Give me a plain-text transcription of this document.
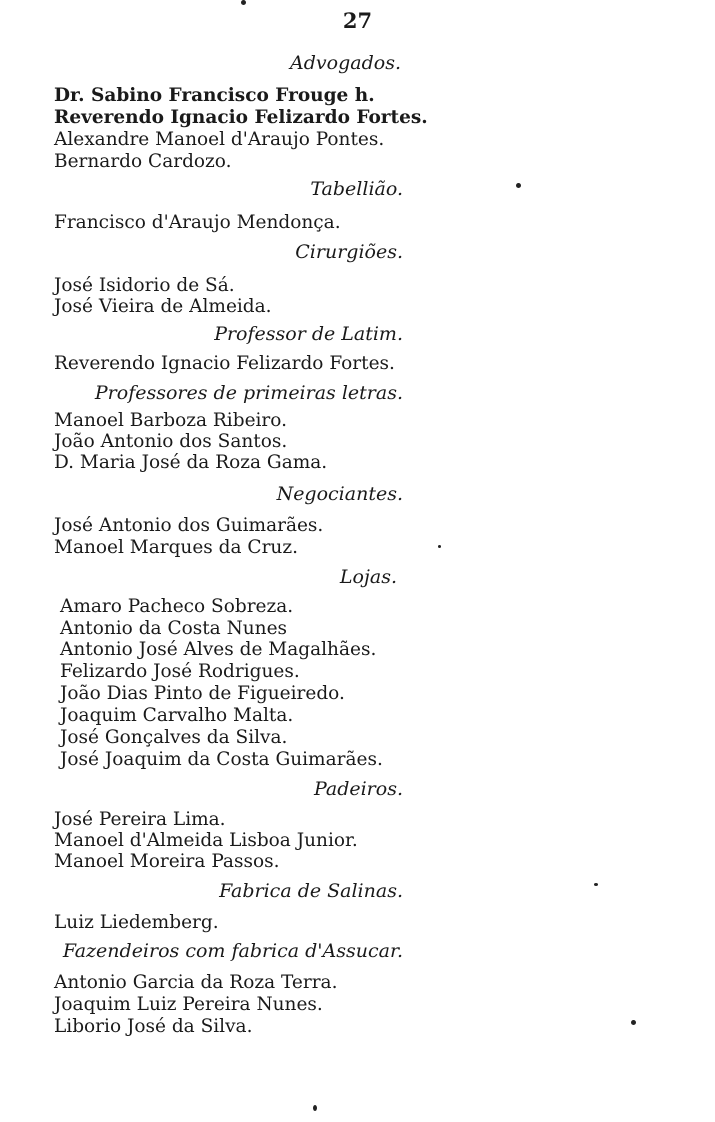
27
Advogados.
Dr. Sabino Francisco Frouge h.
Reverendo Ignacio Felizardo Fortes.
Alexandre Manoel d'Araujo Pontes.
Bernardo Cardozo.
Tabellião.
Francisco d'Araujo Mendonça.
Cirurgiões.
José Isidorio de Sá.
José Vieira de Almeida.
Professor de Latim.
Reverendo Ignacio Felizardo Fortes.
Professores de primeiras letras.
Manoel Barboza Ribeiro.
João Antonio dos Santos.
D. Maria José da Roza Gama.
Negociantes.
José Antonio dos Guimarães.
Manoel Marques da Cruz.
Lojas.
Amaro Pacheco Sobreza.
Antonio da Costa Nunes
Antonio José Alves de Magalhães.
Felizardo José Rodrigues.
João Dias Pinto de Figueiredo.
Joaquim Carvalho Malta.
José Gonçalves da Silva.
José Joaquim da Costa Guimarães.
Padeiros.
José Pereira Lima.
Manoel d'Almeida Lisboa Junior.
Manoel Moreira Passos.
Fabrica de Salinas.
Luiz Liedemberg.
Fazendeiros com fabrica d'Assucar.
Antonio Garcia da Roza Terra.
Joaquim Luiz Pereira Nunes.
Liborio José da Silva.
